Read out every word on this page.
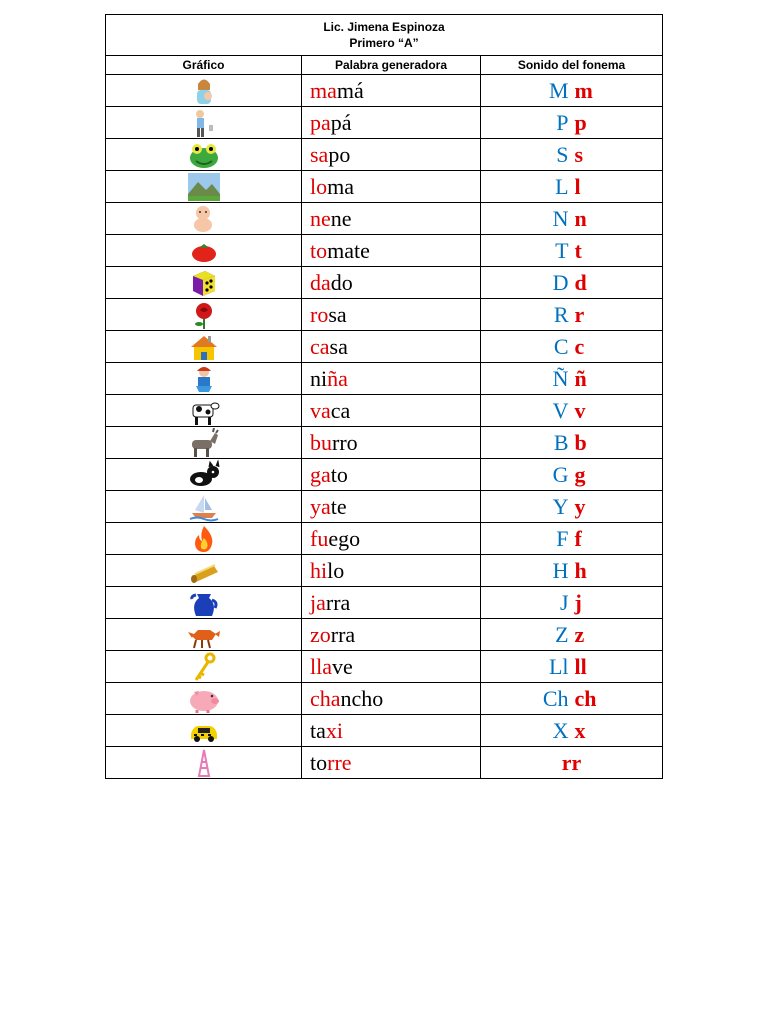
Lic. Jimena Espinoza
Primero “A”		

Gráfico	Palabra generadora	Sonido del fonema

	mamá	M m

	papá	P p

	sapo	S s

	loma	L l

	nene	N n

	tomate	T t

	dado	D d

	rosa	R r

	casa	C c

	niña	Ñ ñ

	vaca	V v

	burro	B b

	gato	G g

	yate	Y y

	fuego	F f

	hilo	H h

	jarra	J j

	zorra	Z z

	llave	Ll ll

	chancho	Ch ch

	taxi	X x

	torre	rr
